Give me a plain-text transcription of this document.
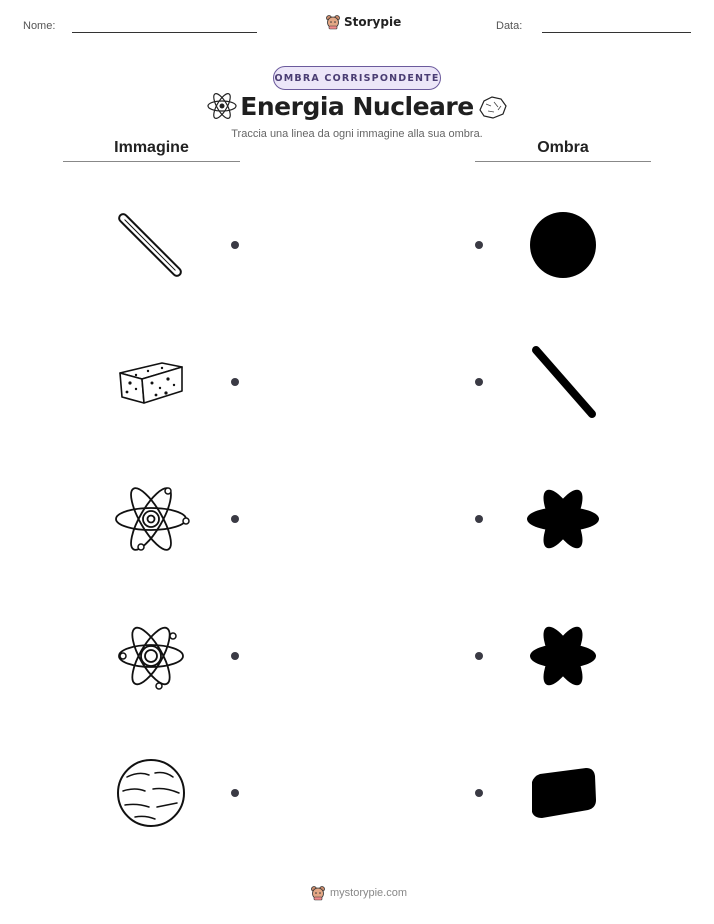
Nome:	Storypie	Data:
OMBRA CORRISPONDENTE
Energia Nucleare
Traccia una linea da ogni immagine alla sua ombra.
Immagine	Ombra
mystorypie.com
